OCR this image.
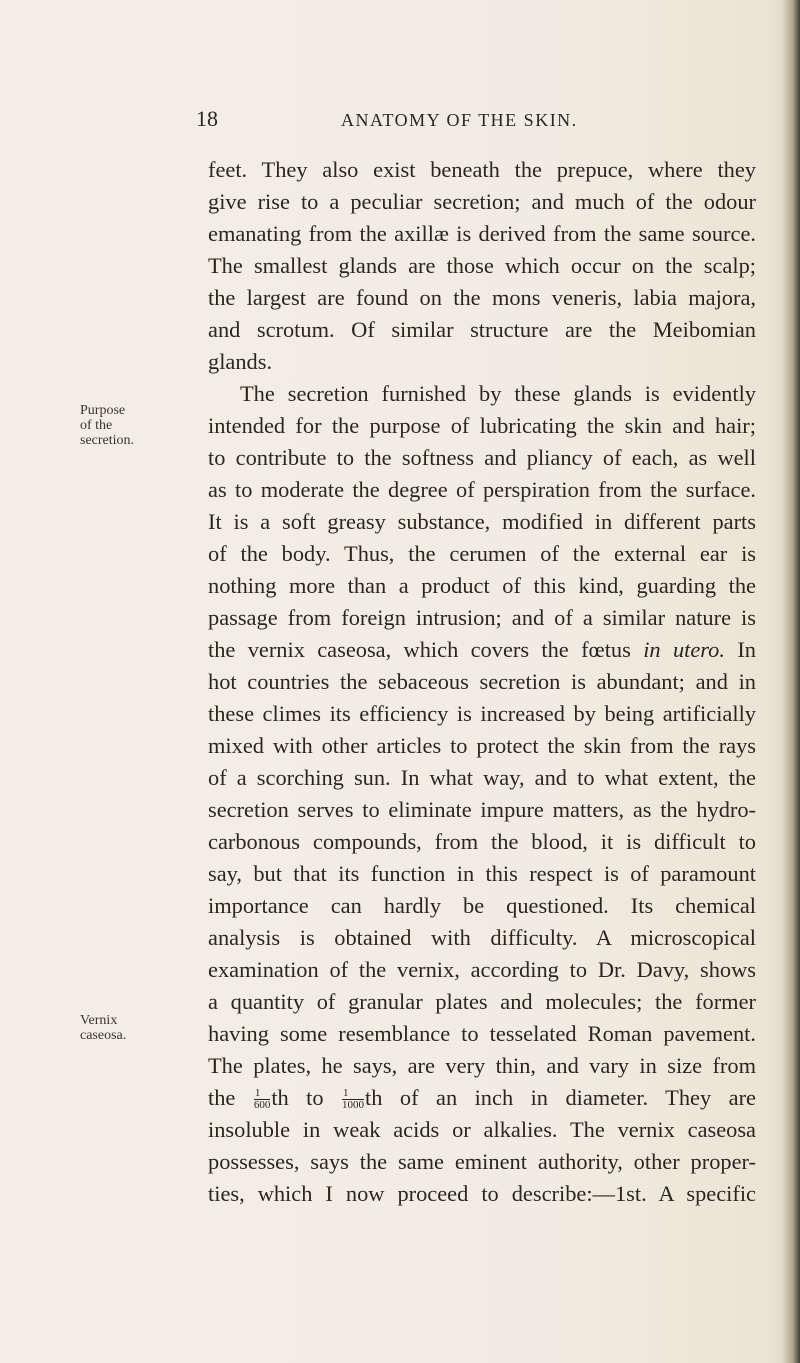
18	ANATOMY OF THE SKIN.
Purpose
of the
secretion.
Vernix
caseosa.
feet. They also exist beneath the prepuce, where they
give rise to a peculiar secretion; and much of the odour
emanating from the axillæ is derived from the same source.
The smallest glands are those which occur on the scalp;
the largest are found on the mons veneris, labia majora,
and scrotum. Of similar structure are the Meibomian
glands.
The secretion furnished by these glands is evidently
intended for the purpose of lubricating the skin and hair;
to contribute to the softness and pliancy of each, as well
as to moderate the degree of perspiration from the surface.
It is a soft greasy substance, modified in different parts
of the body. Thus, the cerumen of the external ear is
nothing more than a product of this kind, guarding the
passage from foreign intrusion; and of a similar nature is
the vernix caseosa, which covers the fœtus in utero. In
hot countries the sebaceous secretion is abundant; and in
these climes its efficiency is increased by being artificially
mixed with other articles to protect the skin from the rays
of a scorching sun. In what way, and to what extent, the
secretion serves to eliminate impure matters, as the hydro-
carbonous compounds, from the blood, it is difficult to
say, but that its function in this respect is of paramount
importance can hardly be questioned. Its chemical
analysis is obtained with difficulty. A microscopical
examination of the vernix, according to Dr. Davy, shows
a quantity of granular plates and molecules; the former
having some resemblance to tesselated Roman pavement.
The plates, he says, are very thin, and vary in size from
the $\frac{1}{600}$ th to $\frac{1}{1000}$ th of an inch in diameter. They are
insoluble in weak acids or alkalies. The vernix caseosa
possesses, says the same eminent authority, other proper-
ties, which I now proceed to describe:—1st. A specific
